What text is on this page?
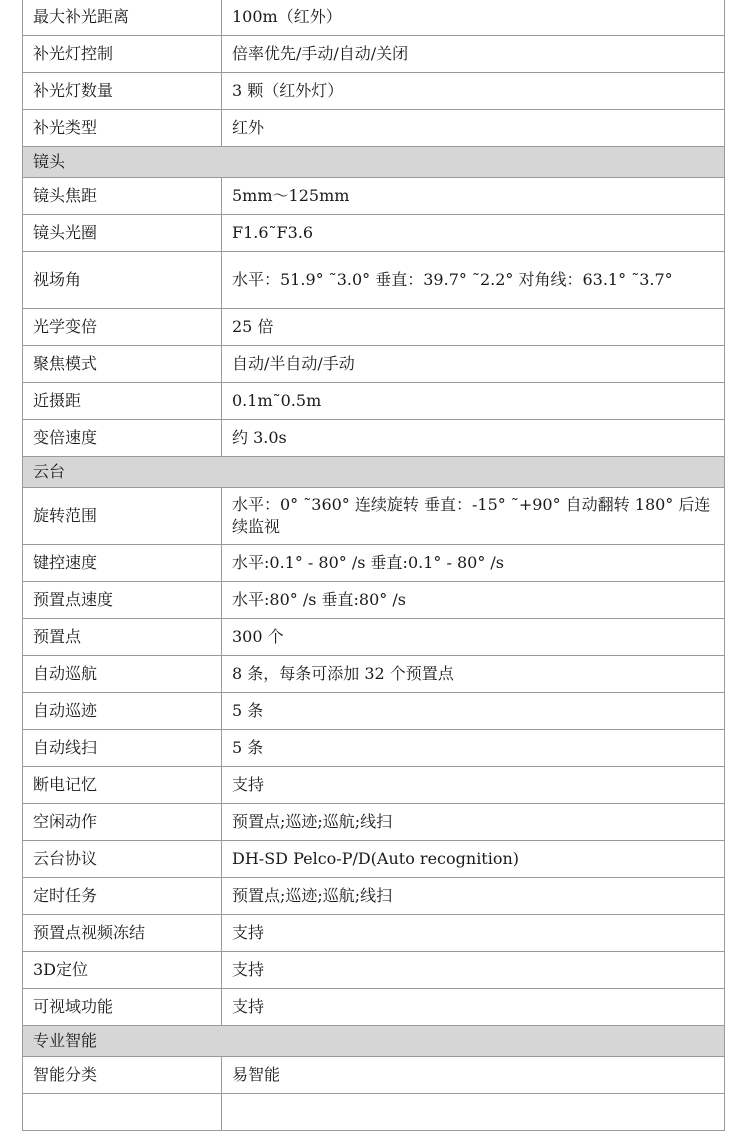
最大补光距离	100m（红外）
补光灯控制	倍率优先/手动/自动/关闭
补光灯数量	3 颗（红外灯）
补光类型	红外
镜头	
镜头焦距	5mm～125mm
镜头光圈	F1.6˜F3.6
视场角	水平：51.9° ˜3.0° 垂直：39.7° ˜2.2° 对角线：63.1° ˜3.7°
光学变倍	25 倍
聚焦模式	自动/半自动/手动
近摄距	0.1m˜0.5m
变倍速度	约 3.0s
云台	
旋转范围	水平：0° ˜360° 连续旋转 垂直：-15° ˜+90° 自动翻转 180° 后连续监视
键控速度	水平:0.1° - 80° /s 垂直:0.1° - 80° /s
预置点速度	水平:80° /s 垂直:80° /s
预置点	300 个
自动巡航	8 条，每条可添加 32 个预置点
自动巡迹	5 条
自动线扫	5 条
断电记忆	支持
空闲动作	预置点;巡迹;巡航;线扫
云台协议	DH-SD Pelco-P/D(Auto recognition)
定时任务	预置点;巡迹;巡航;线扫
预置点视频冻结	支持
3D定位	支持
可视域功能	支持
专业智能	
智能分类	易智能
